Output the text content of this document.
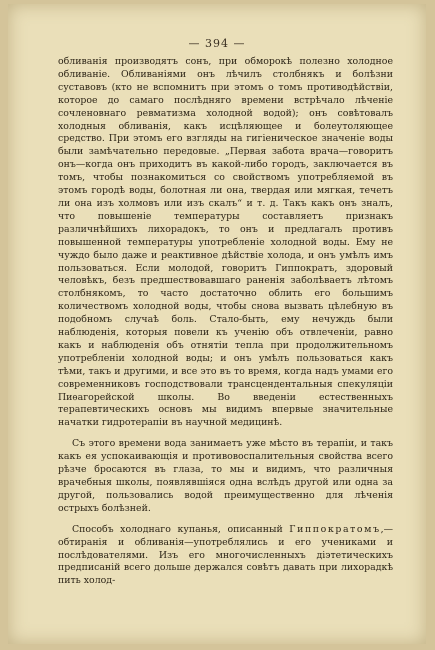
— 394 —

обливанія производятъ сонъ, при обморокѣ полезно холодное обливаніе. Обливаніями онъ лѣчилъ столбнякъ и болѣзни суставовъ (кто не вспомнитъ при этомъ о томъ противодѣйствіи, которое до самаго послѣдняго времени встрѣчало лѣченіе сочленовнаго ревматизма холодной водой); онъ совѣтовалъ холодныя обливанія, какъ исцѣляющее и болеутоляющее средство. При этомъ его взгляды на гигіеническое значеніе воды были замѣчательно передовые. „Первая забота врача—говоритъ онъ—когда онъ приходитъ въ какой-либо городъ, заключается въ томъ, чтобы познакомиться со свойствомъ употребляемой въ этомъ городѣ воды, болотная ли она, твердая или мягкая, течетъ ли она изъ холмовъ или изъ скалъ“ и т. д. Такъ какъ онъ зналъ, что повышеніе температуры составляетъ признакъ различнѣйшихъ лихорадокъ, то онъ и предлагалъ противъ повышенной температуры употребленіе холодной воды. Ему не чуждо было даже и реактивное дѣйствіе холода, и онъ умѣлъ имъ пользоваться. Если молодой, говоритъ Гиппократъ, здоровый человѣкъ, безъ предшествовавшаго раненія заболѣваетъ лѣтомъ столбнякомъ, то часто достаточно облить его большимъ количествомъ холодной воды, чтобы снова вызвать цѣлебную въ подобномъ случаѣ боль. Стало-быть, ему нечуждь были наблюденія, которыя повели къ ученію объ отвлеченіи, равно какъ и наблюденія объ отнятіи тепла при продолжительномъ употребленіи холодной воды; и онъ умѣлъ пользоваться какъ тѣми, такъ и другими, и все это въ то время, когда надъ умами его современниковъ господствовали трансцендентальныя спекуляціи Пиѳагорейской школы. Во введеніи естественныхъ терапевтическихъ основъ мы видимъ впервые значительные начатки гидротерапіи въ научной медицинѣ.

Съ этого времени вода занимаетъ уже мѣсто въ терапіи, и такъ какъ ея успокаивающія и противовоспалительныя свойства всего рѣзче бросаются въ глаза, то мы и видимъ, что различныя врачебныя школы, появлявшіяся одна вслѣдъ другой или одна за другой, пользовались водой преимущественно для лѣченія острыхъ болѣзней.

Способъ холоднаго купанья, описанный Гиппократомъ,—обтиранія и обливанія—употреблялись и его учениками и послѣдователями. Изъ его многочисленныхъ діэтетическихъ предписаній всего дольше держался совѣтъ давать при лихорадкѣ пить холод-
